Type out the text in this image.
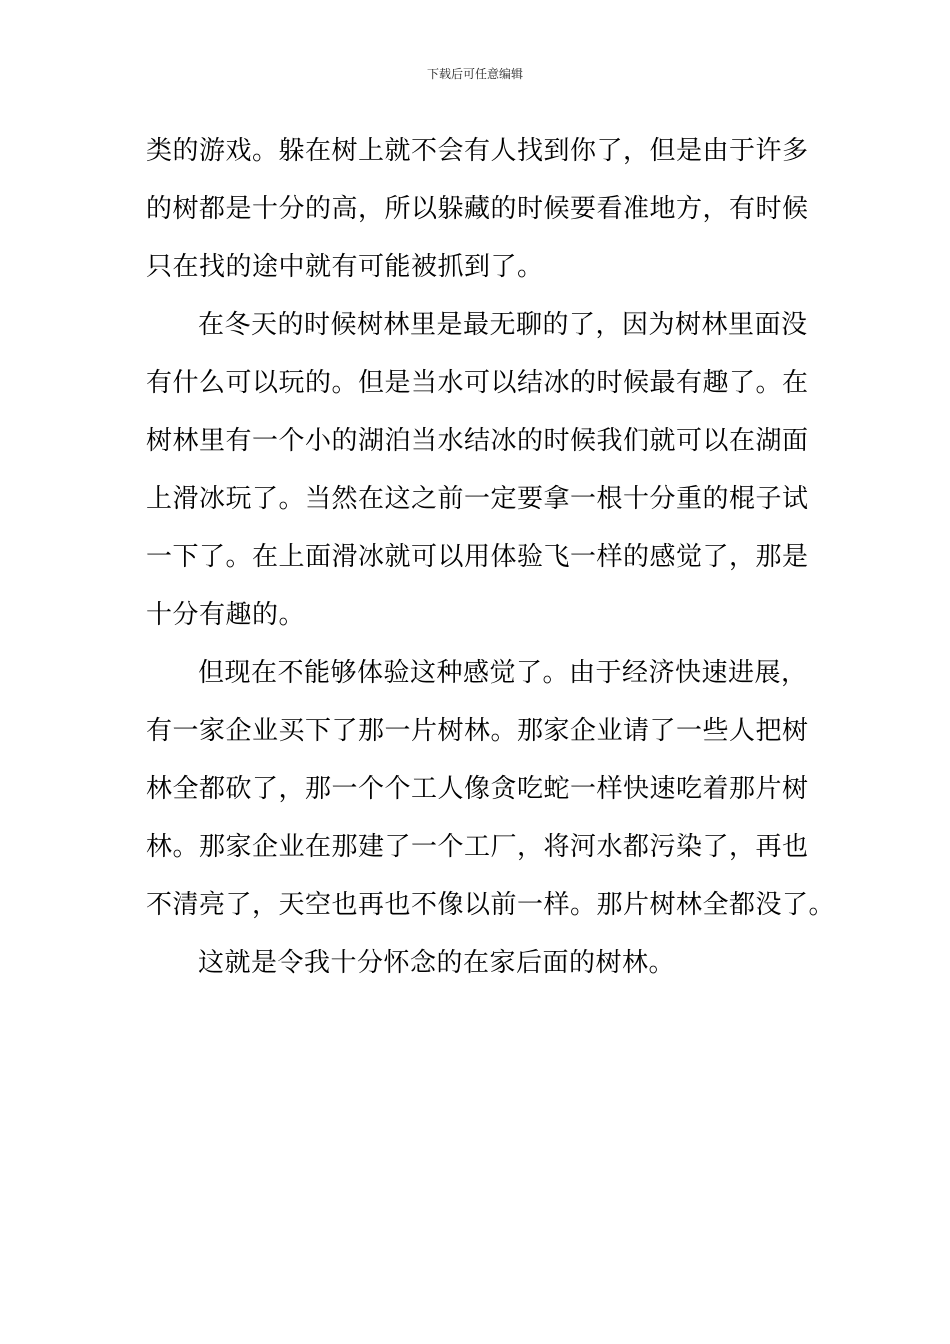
下载后可任意编辑
类的游戏。躲在树上就不会有人找到你了，但是由于许多
的树都是十分的高，所以躲藏的时候要看准地方，有时候
只在找的途中就有可能被抓到了。
在冬天的时候树林里是最无聊的了，因为树林里面没
有什么可以玩的。但是当水可以结冰的时候最有趣了。在
树林里有一个小的湖泊当水结冰的时候我们就可以在湖面
上滑冰玩了。当然在这之前一定要拿一根十分重的棍子试
一下了。在上面滑冰就可以用体验飞一样的感觉了，那是
十分有趣的。
但现在不能够体验这种感觉了。由于经济快速进展，
有一家企业买下了那一片树林。那家企业请了一些人把树
林全都砍了，那一个个工人像贪吃蛇一样快速吃着那片树
林。那家企业在那建了一个工厂，将河水都污染了，再也
不清亮了，天空也再也不像以前一样。那片树林全都没了。
这就是令我十分怀念的在家后面的树林。
